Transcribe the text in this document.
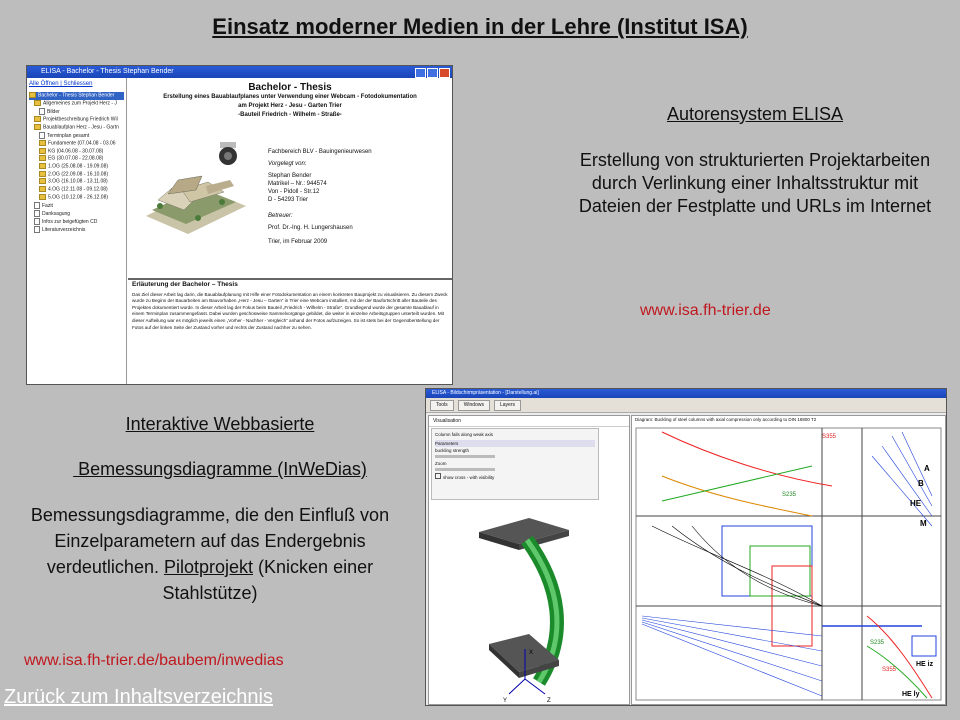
Einsatz moderner Medien in der Lehre (Institut ISA)
ELISA - Bachelor - Thesis Stephan Bender
Alle Öffnen | Schliessen
Bachelor - Thesis Stephan Bender
Allgemeines zum Projekt Herz - J
Bilder
Projektbeschreibung Friedrich Wil
Bauablaufplan Herz - Jesu - Gartn
Terminplan gesamt
Fundamente (07.04.08 - 03.06
KG (04.06.08 - 30.07.08)
EG (30.07.08 - 22.08.08)
1.OG (25.08.08 - 19.09.08)
2.OG (22.09.08 - 16.10.08)
3.OG (16.10.08 - 13.11.08)
4.OG (12.11.08 - 09.12.08)
5.OG (10.12.08 - 26.12.08)
Fazit
Danksagung
Infos zur beigefügten CD
Literaturverzeichnis
Bachelor - Thesis
Erstellung eines Bauablaufplanes unter Verwendung einer Webcam - Fotodokumentation
am Projekt Herz - Jesu - Garten Trier
-Bauteil Friedrich - Wilhelm - Straße-
Fachbereich BLV - Bauingenieurwesen
Vorgelegt von:
Stephan Bender
Matrikel – Nr.: 944574
Von - Pidoll - Str.12
D - 54293 Trier
Betreuer:
Prof. Dr.-Ing. H. Lungershausen
Trier, im Februar 2009
Erläuterung der Bachelor – Thesis
Das Ziel dieser Arbeit lag darin, die Bauablaufplanung mit Hilfe einer Fotodokumentation an einem konkreten Bauprojekt zu visualisieren. Zu diesem Zweck wurde zu Beginn der Bauarbeiten am Bauvorhaben „Herz - Jesu – Garten“ in Trier eine Webcam installiert, mit der der Baufortschritt aller Bauteile des Projektes dokumentiert wurde. In dieser Arbeit lag der Fokus beim Bauteil „Friedrich - Wilhelm - Straße“. Grundlegend wurde der gesamte Bauablauf in einem Terminplan zusammengefasst. Dabei wurden geschosweise Sammelvorgänge gebildet, die weiter in einzelne Arbeitsgruppen unterteilt wurden. Mit dieser Aufteilung war es möglich jeweils einen „Vorher - Nachher - Vergleich“ anhand der Fotos aufzuzeigen. So ist stets bei der Gegenüberstellung der Fotos auf der linken Seite der Zustand vorher und rechts der Zustand nachher zu sehen.
Autorensystem ELISA
Erstellung von strukturierten Projektarbeiten durch Verlinkung einer Inhaltsstruktur mit Dateien der Festplatte und URLs im Internet
www.isa.fh-trier.de
Interaktive Webbasierte
Bemessungsdiagramme (InWeDias)
Bemessungsdiagramme, die den Einfluß von Einzelparametern auf das Endergebnis verdeutlichen. Pilotprojekt (Knicken einer Stahlstütze)
www.isa.fh-trier.de/baubem/inwedias
ELISA - Bildschirmpräsentation - [Darstellung.ai]
Tools	Windows	Layers
Visualisation
Column fails along weak axis
Parameters
buckling strength
Zoom
show cross - with visibility
X
Y	Z
Diagram: Buckling of steel columns with axial compression only according to DIN 18800 T2
S355
S235
A
B
HE
M
S235
S355
HE iz
HE ly
Zurück zum Inhaltsverzeichnis
